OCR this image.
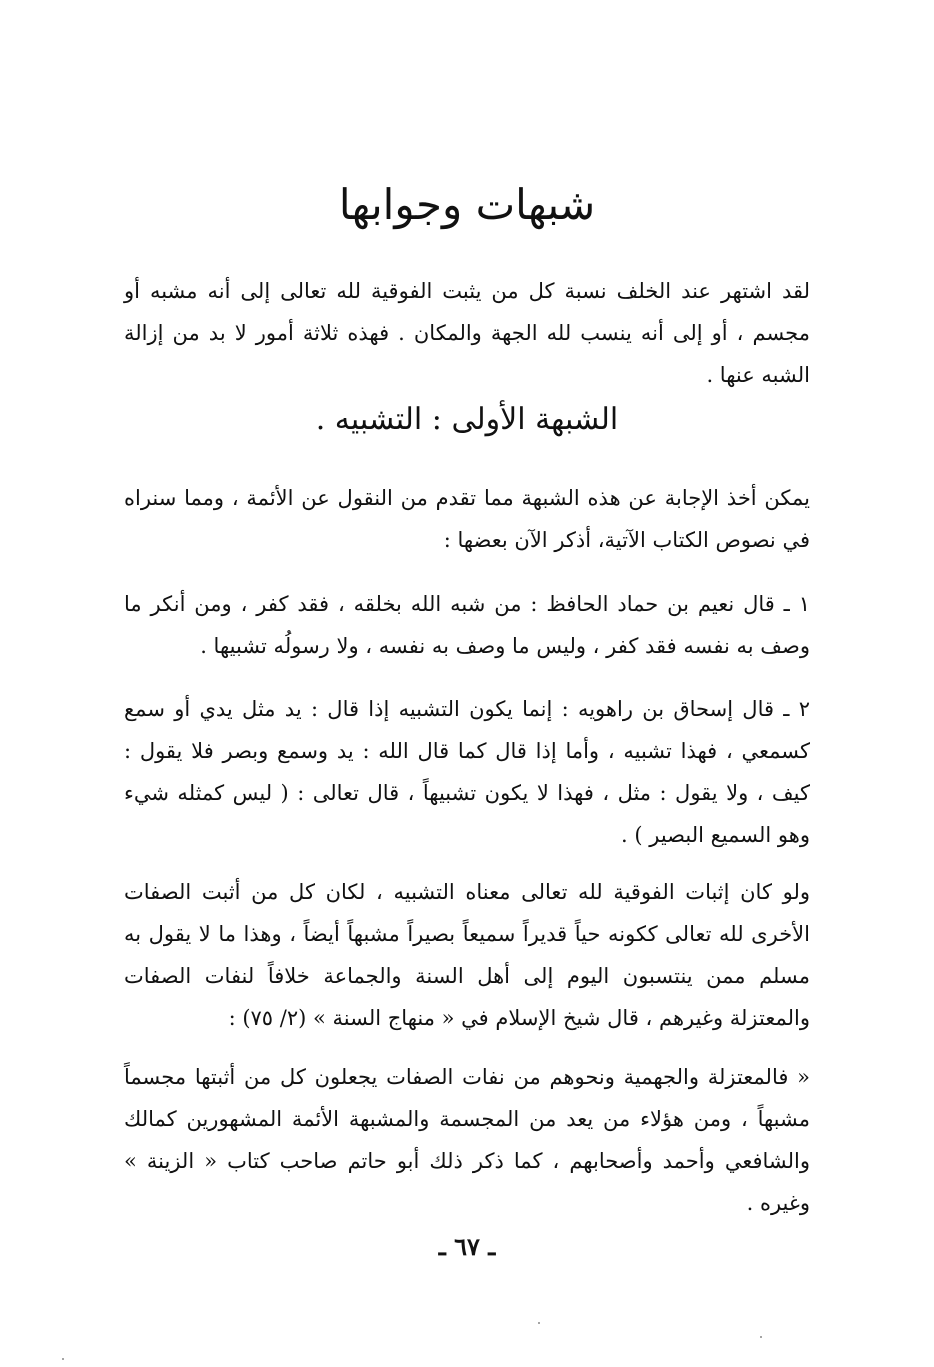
شبهات وجوابها

لقد اشتهر عند الخلف نسبة كل من يثبت الفوقية لله تعالى إلى أنه مشبه أو مجسم ، أو إلى أنه ينسب لله الجهة والمكان . فهذه ثلاثة أمور لا بد من إزالة الشبه عنها .

الشبهة الأولى : التشبيه .

يمكن أخذ الإجابة عن هذه الشبهة مما تقدم من النقول عن الأئمة ، ومما سنراه في نصوص الكتاب الآتية، أذكر الآن بعضها :

١ ـ قال نعيم بن حماد الحافظ : من شبه الله بخلقه ، فقد كفر ، ومن أنكر ما وصف به نفسه فقد كفر ، وليس ما وصف به نفسه ، ولا رسولُه تشبيها .

٢ ـ قال إسحاق بن راهويه : إنما يكون التشبيه إذا قال : يد مثل يدي أو سمع كسمعي ، فهذا تشبيه ، وأما إذا قال كما قال الله : يد وسمع وبصر فلا يقول : كيف ، ولا يقول : مثل ، فهذا لا يكون تشبيهاً ، قال تعالى : ( ليس كمثله شيء وهو السميع البصير ) .

ولو كان إثبات الفوقية لله تعالى معناه التشبيه ، لكان كل من أثبت الصفات الأخرى لله تعالى ككونه حياً قديراً سميعاً بصيراً مشبهاً أيضاً ، وهذا ما لا يقول به مسلم ممن ينتسبون اليوم إلى أهل السنة والجماعة خلافاً لنفات الصفات والمعتزلة وغيرهم ، قال شيخ الإسلام في « منهاج السنة » (٢/ ٧٥) :

« فالمعتزلة والجهمية ونحوهم من نفات الصفات يجعلون كل من أثبتها مجسماً مشبهاً ، ومن هؤلاء من يعد من المجسمة والمشبهة الأئمة المشهورين كمالك والشافعي وأحمد وأصحابهم ، كما ذكر ذلك أبو حاتم صاحب كتاب « الزينة » وغيره .

ـ ٦٧ ـ
